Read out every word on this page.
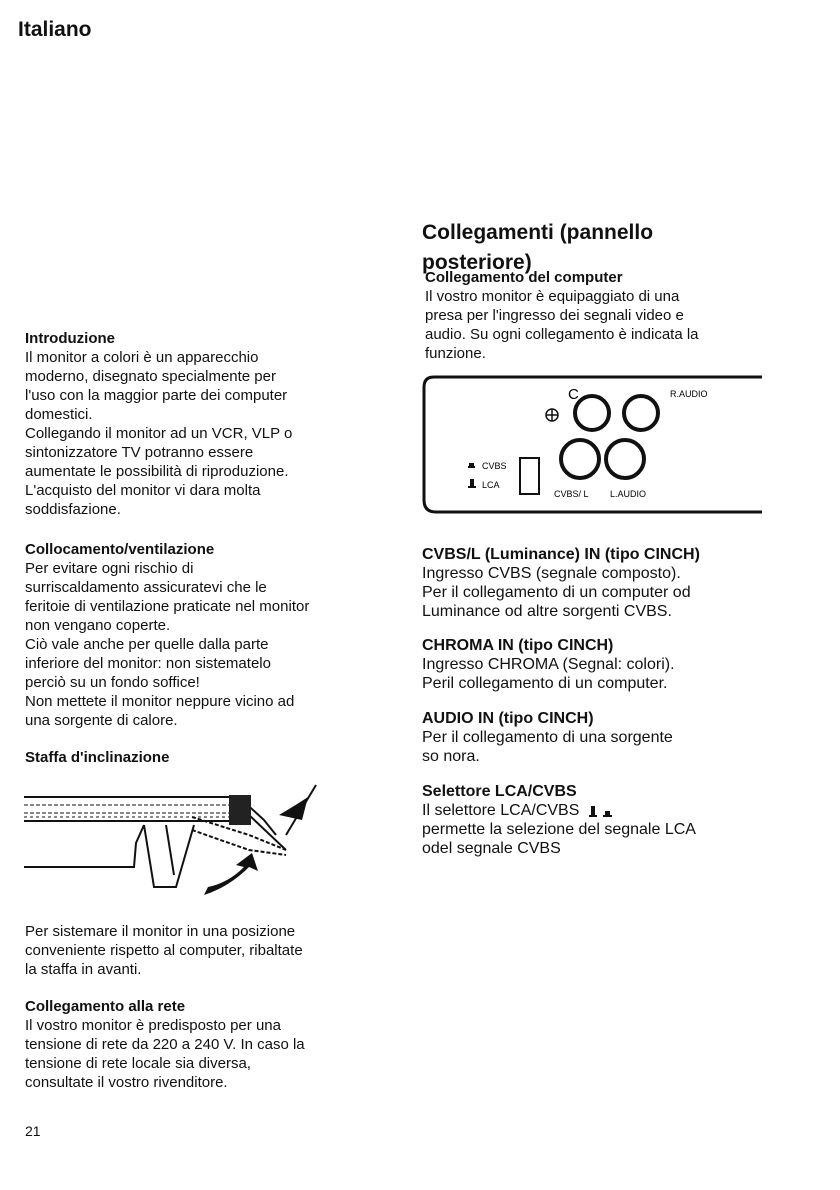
Italiano
Introduzione
Il monitor a colori è un apparecchio
moderno, disegnato specialmente per
l'uso con la maggior parte dei computer
domestici.
Collegando il monitor ad un VCR, VLP o
sintonizzatore TV potranno essere
aumentate le possibilità di riproduzione.
L'acquisto del monitor vi dara molta
soddisfazione.
Collocamento/ventilazione
Per evitare ogni rischio di
surriscaldamento assicuratevi che le
feritoie di ventilazione praticate nel monitor
non vengano coperte.
Ciò vale anche per quelle dalla parte
inferiore del monitor: non sistematelo
perciò su un fondo soffice!
Non mettete il monitor neppure vicino ad
una sorgente di calore.
Staffa d'inclinazione
Per sistemare il monitor in una posizione
conveniente rispetto al computer, ribaltate
la staffa in avanti.
Collegamento alla rete
Il vostro monitor è predisposto per una
tensione di rete da 220 a 240 V. In caso la
tensione di rete locale sia diversa,
consultate il vostro rivenditore.

Collegamenti (pannello
posteriore)

Collegamento del computer
Il vostro monitor è equipaggiato di una
presa per l'ingresso dei segnali video e
audio. Su ogni collegamento è indicata la
funzione.
C	R.AUDIO
CVBS
LCA
CVBS/ L L.AUDIO
CVBS/L (Luminance) IN (tipo CINCH)
Ingresso CVBS (segnale composto).
Per il collegamento di un computer od
Luminance od altre sorgenti CVBS.
CHROMA IN (tipo CINCH)
Ingresso CHROMA (Segnal: colori).
Peril collegamento di un computer.
AUDIO IN (tipo CINCH)
Per il collegamento di una sorgente
so nora.
Selettore LCA/CVBS
Il selettore LCA/CVBS
permette la selezione del segnale LCA
odel segnale CVBS
21
